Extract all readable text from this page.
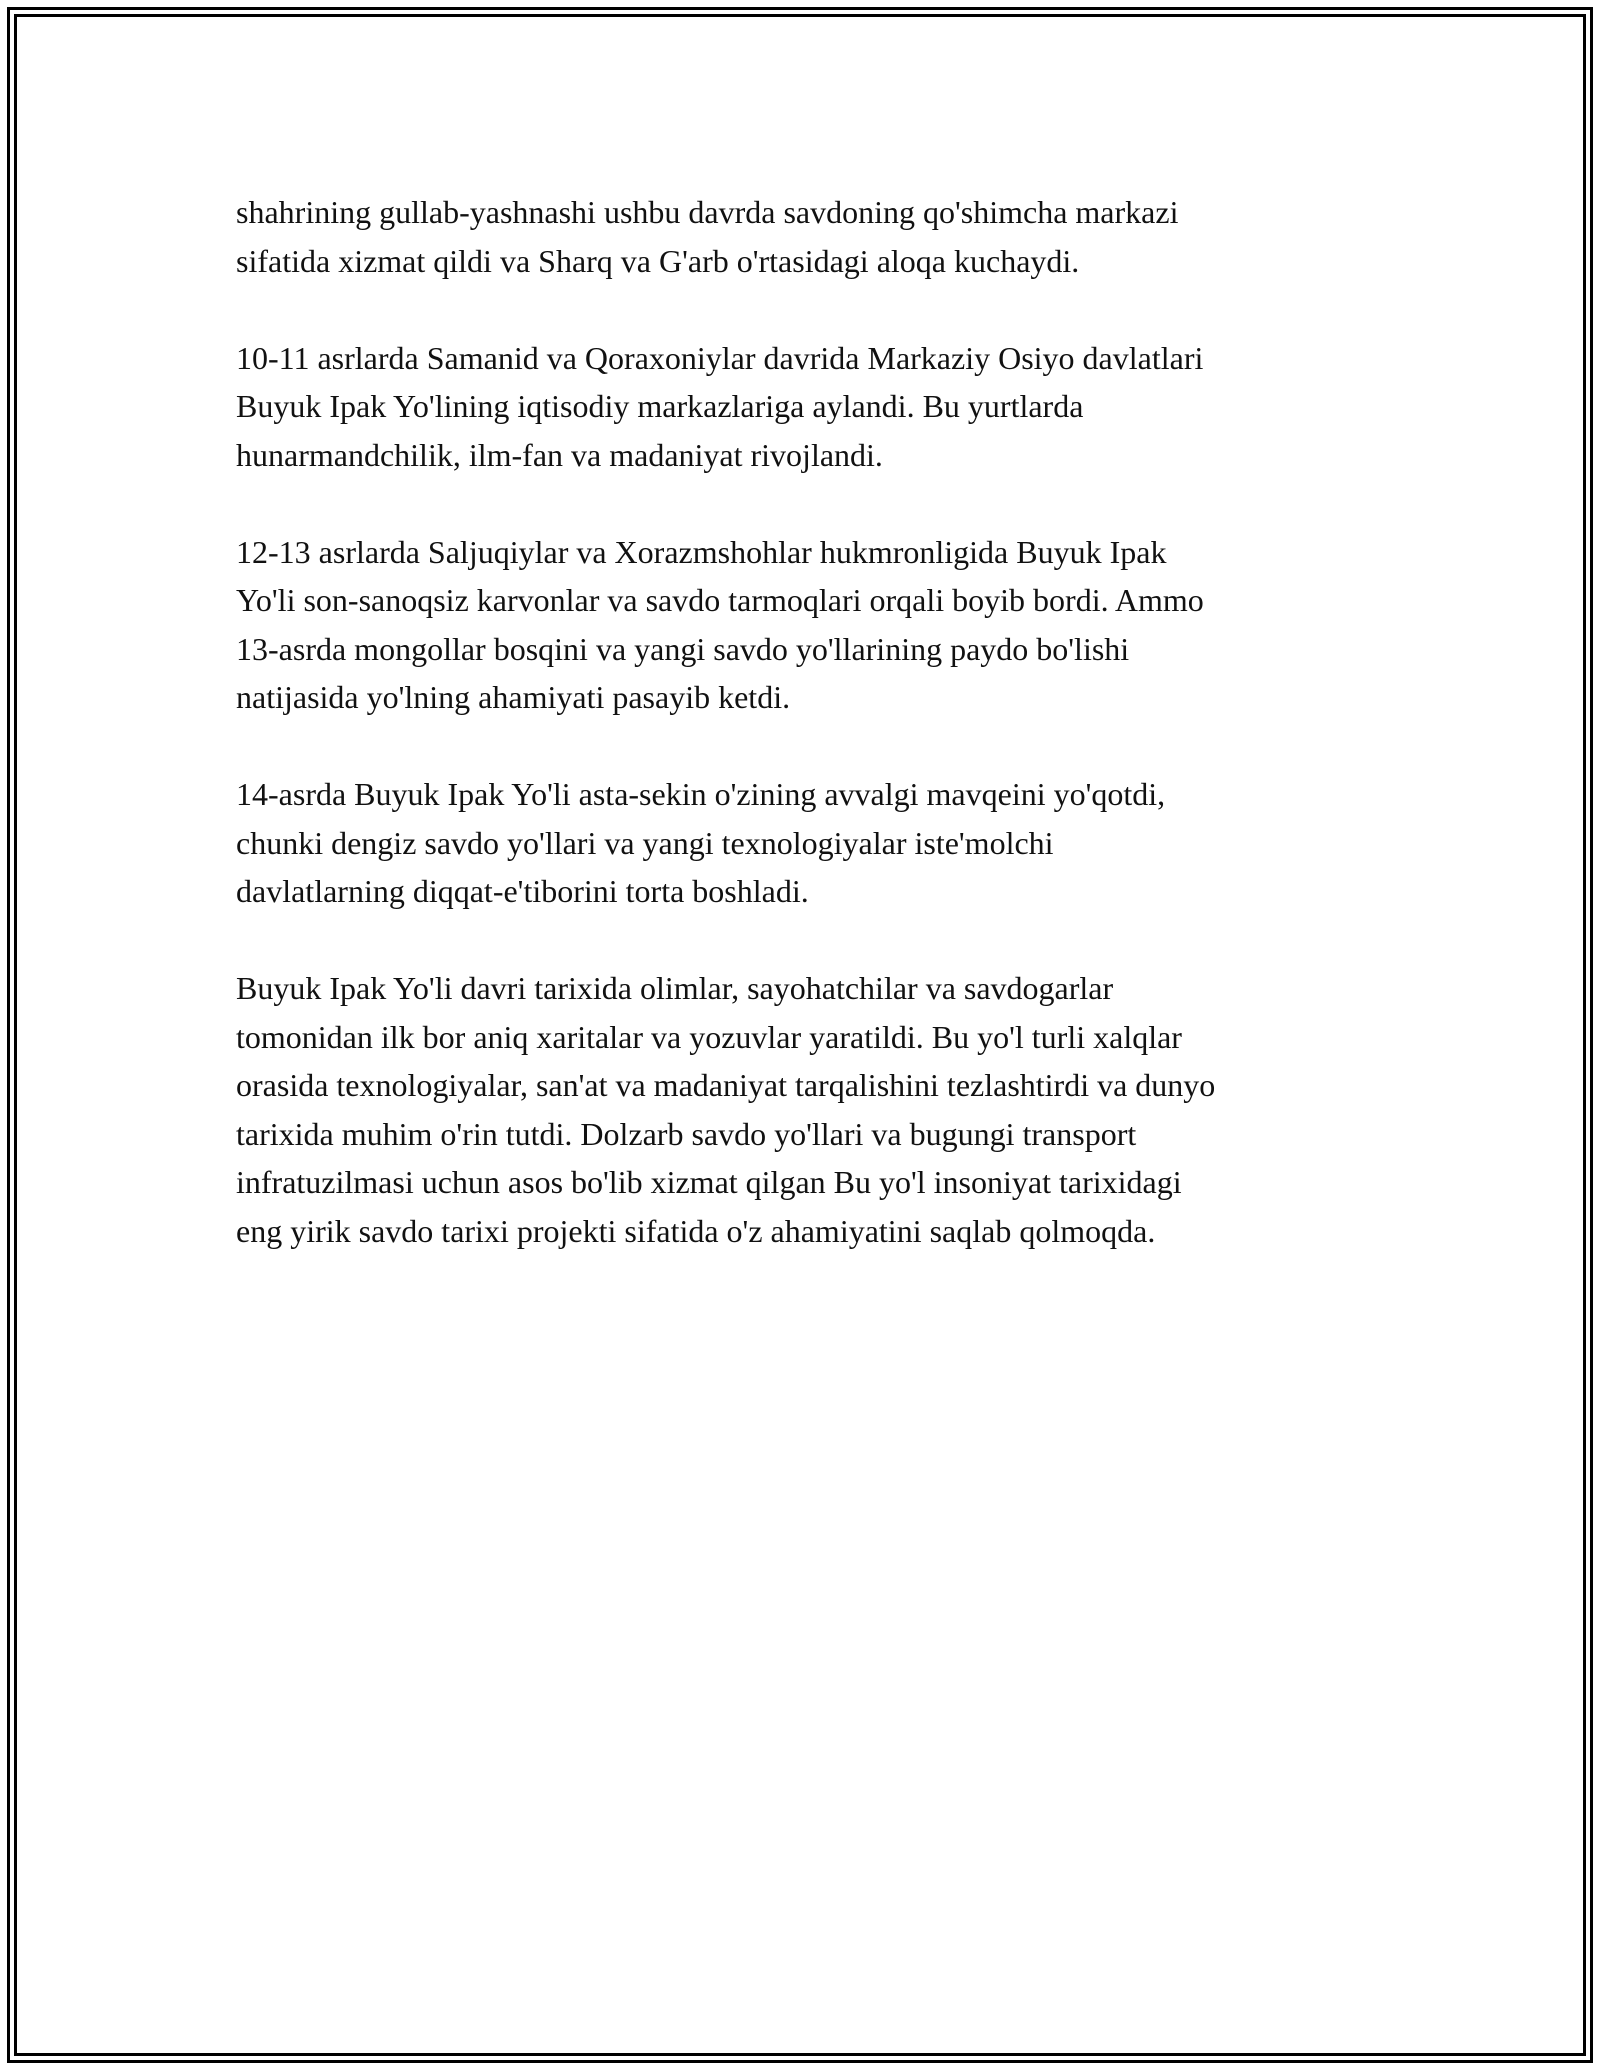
shahrining gullab-yashnashi ushbu davrda savdoning qo'shimcha markazi
sifatida xizmat qildi va Sharq va G'arb o'rtasidagi aloqa kuchaydi.

10-11 asrlarda Samanid va Qoraxoniylar davrida Markaziy Osiyo davlatlari
Buyuk Ipak Yo'lining iqtisodiy markazlariga aylandi. Bu yurtlarda
hunarmandchilik, ilm-fan va madaniyat rivojlandi.

12-13 asrlarda Saljuqiylar va Xorazmshohlar hukmronligida Buyuk Ipak
Yo'li son-sanoqsiz karvonlar va savdo tarmoqlari orqali boyib bordi. Ammo
13-asrda mongollar bosqini va yangi savdo yo'llarining paydo bo'lishi
natijasida yo'lning ahamiyati pasayib ketdi.

14-asrda Buyuk Ipak Yo'li asta-sekin o'zining avvalgi mavqeini yo'qotdi,
chunki dengiz savdo yo'llari va yangi texnologiyalar iste'molchi
davlatlarning diqqat-e'tiborini torta boshladi.

Buyuk Ipak Yo'li davri tarixida olimlar, sayohatchilar va savdogarlar
tomonidan ilk bor aniq xaritalar va yozuvlar yaratildi. Bu yo'l turli xalqlar
orasida texnologiyalar, san'at va madaniyat tarqalishini tezlashtirdi va dunyo
tarixida muhim o'rin tutdi. Dolzarb savdo yo'llari va bugungi transport
infratuzilmasi uchun asos bo'lib xizmat qilgan Bu yo'l insoniyat tarixidagi
eng yirik savdo tarixi projekti sifatida o'z ahamiyatini saqlab qolmoqda.
